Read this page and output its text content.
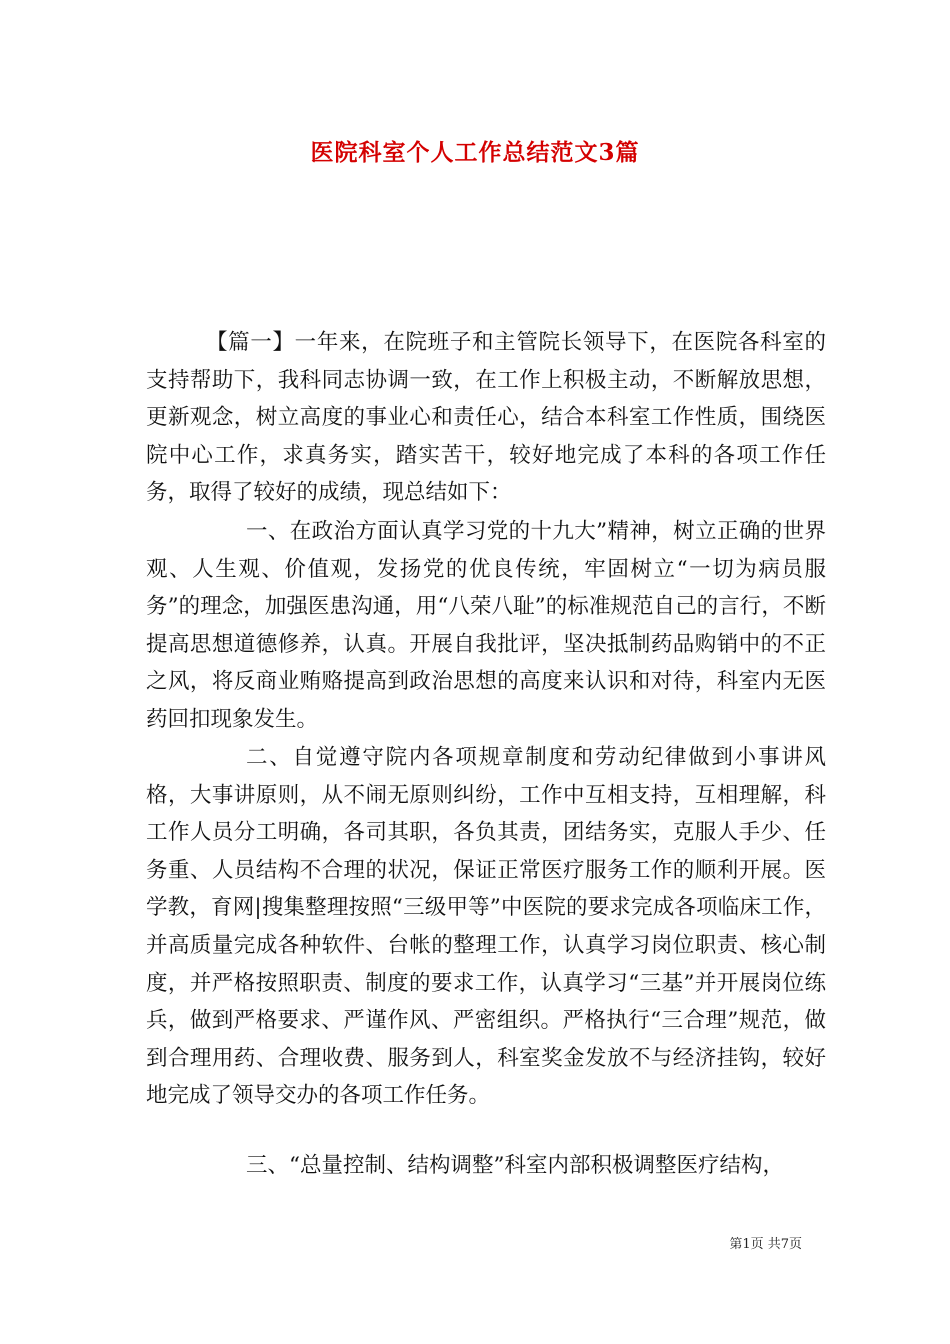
医院科室个人工作总结范文3篇

【篇一】一年来，在院班子和主管院长领导下，在医院各科室的支持帮助下，我科同志协调一致，在工作上积极主动，不断解放思想，更新观念，树立高度的事业心和责任心，结合本科室工作性质，围绕医院中心工作，求真务实，踏实苦干，较好地完成了本科的各项工作任务，取得了较好的成绩，现总结如下：

一、在政治方面认真学习党的十九大”精神，树立正确的世界观、人生观、价值观，发扬党的优良传统，牢固树立“一切为病员服务”的理念，加强医患沟通，用“八荣八耻”的标准规范自己的言行，不断提高思想道德修养，认真。开展自我批评，坚决抵制药品购销中的不正之风，将反商业贿赂提高到政治思想的高度来认识和对待，科室内无医药回扣现象发生。

二、自觉遵守院内各项规章制度和劳动纪律做到小事讲风格，大事讲原则，从不闹无原则纠纷，工作中互相支持，互相理解，科工作人员分工明确，各司其职，各负其责，团结务实，克服人手少、任务重、人员结构不合理的状况，保证正常医疗服务工作的顺利开展。医学教，育网|搜集整理按照“三级甲等”中医院的要求完成各项临床工作，并高质量完成各种软件、台帐的整理工作，认真学习岗位职责、核心制度，并严格按照职责、制度的要求工作，认真学习“三基”并开展岗位练兵，做到严格要求、严谨作风、严密组织。严格执行“三合理”规范，做到合理用药、合理收费、服务到人，科室奖金发放不与经济挂钩，较好地完成了领导交办的各项工作任务。

三、“总量控制、结构调整”科室内部积极调整医疗结构，

第1页 共7页
